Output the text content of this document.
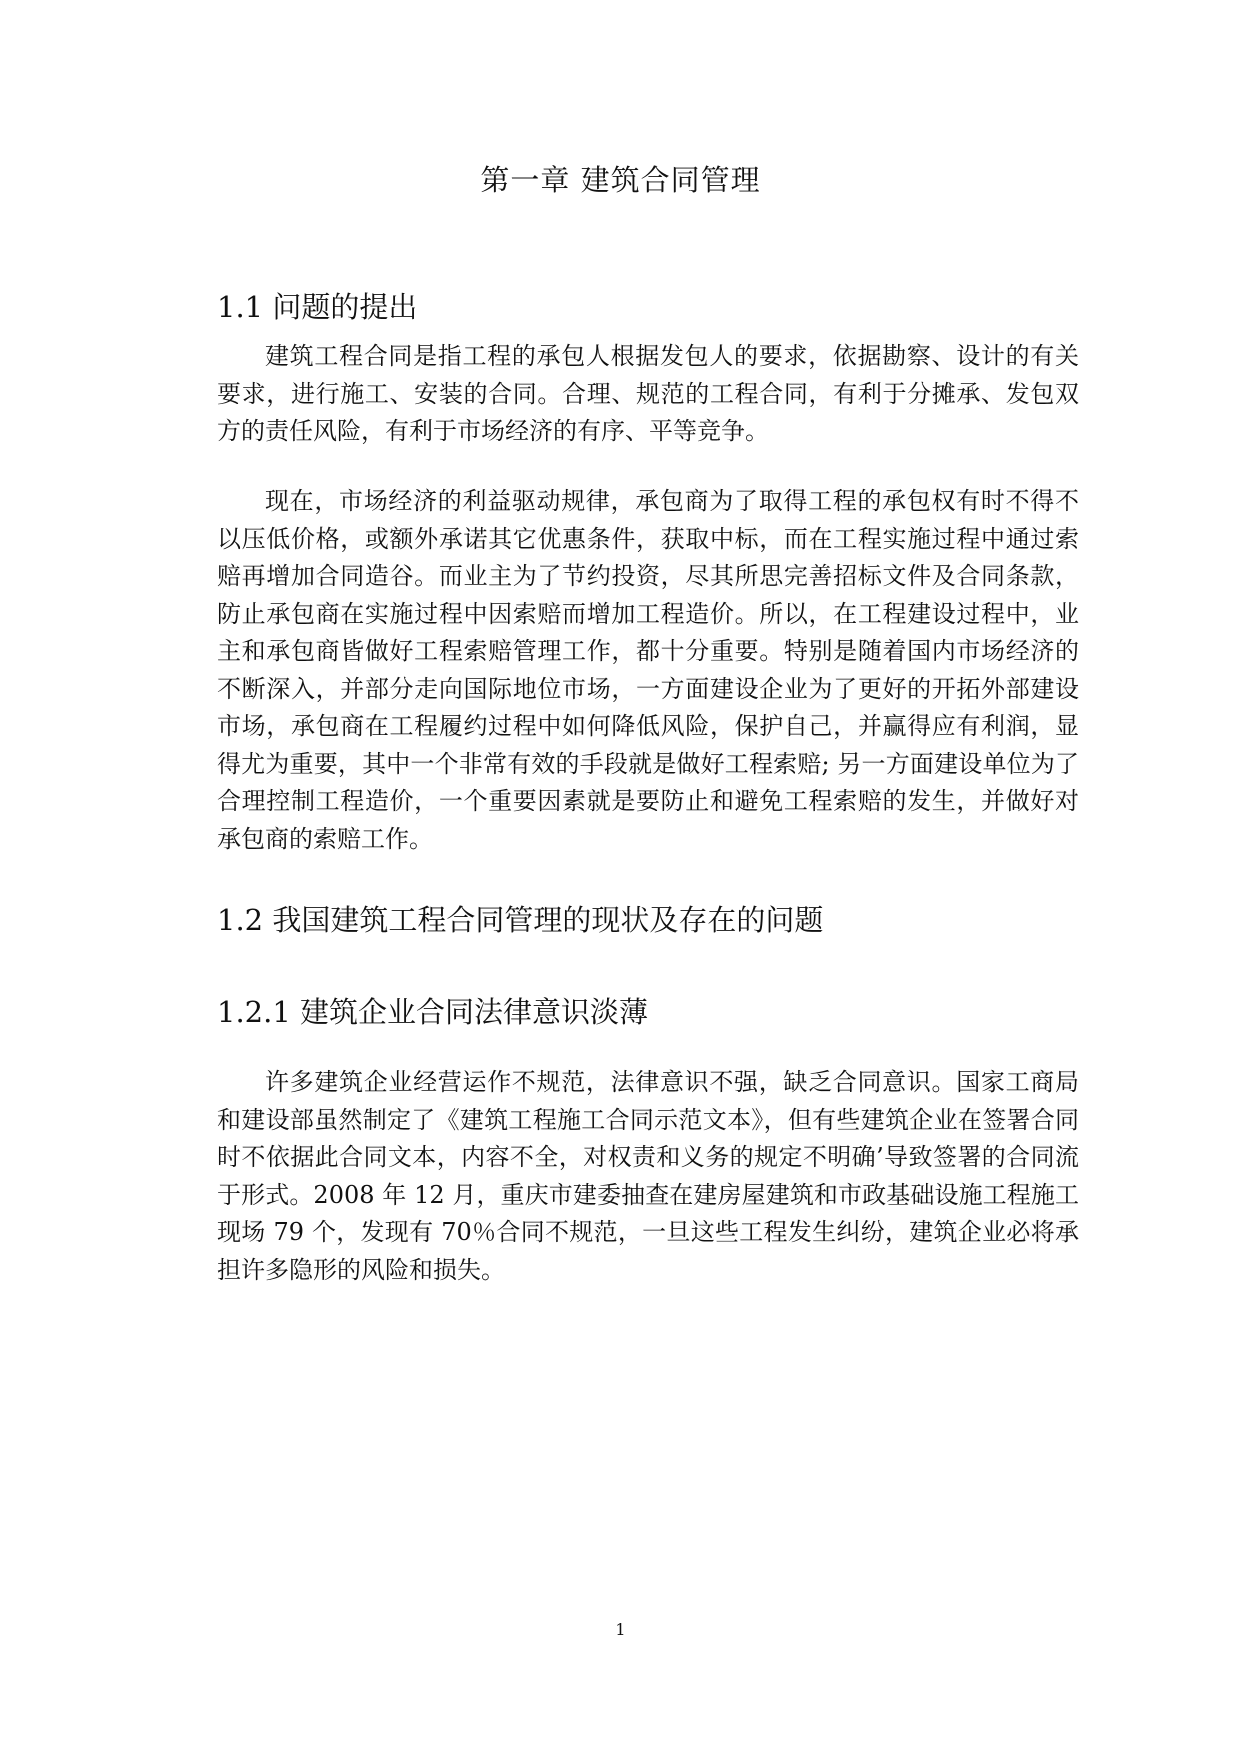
第一章 建筑合同管理
1.1 问题的提出

建筑工程合同是指工程的承包人根据发包人的要求，依据勘察、设计的有关要求，进行施工、安装的合同。合理、规范的工程合同，有利于分摊承、发包双方的责任风险，有利于市场经济的有序、平等竞争。

现在，市场经济的利益驱动规律，承包商为了取得工程的承包权有时不得不以压低价格，或额外承诺其它优惠条件，获取中标，而在工程实施过程中通过索赔再增加合同造谷。而业主为了节约投资，尽其所思完善招标文件及合同条款，防止承包商在实施过程中因索赔而增加工程造价。所以，在工程建设过程中，业主和承包商皆做好工程索赔管理工作，都十分重要。特别是随着国内市场经济的不断深入，并部分走向国际地位市场，一方面建设企业为了更好的开拓外部建设市场，承包商在工程履约过程中如何降低风险，保护自己，并赢得应有利润，显得尤为重要，其中一个非常有效的手段就是做好工程索赔; 另一方面建设单位为了合理控制工程造价，一个重要因素就是要防止和避免工程索赔的发生，并做好对承包商的索赔工作。

1.2 我国建筑工程合同管理的现状及存在的问题
1.2.1 建筑企业合同法律意识淡薄

许多建筑企业经营运作不规范，法律意识不强，缺乏合同意识。国家工商局和建设部虽然制定了《建筑工程施工合同示范文本》，但有些建筑企业在签署合同时不依据此合同文本，内容不全，对权责和义务的规定不明确’导致签署的合同流于形式。2008 年 12 月，重庆市建委抽查在建房屋建筑和市政基础设施工程施工现场 79 个，发现有 70％合同不规范，一旦这些工程发生纠纷，建筑企业必将承担许多隐形的风险和损失。

1
